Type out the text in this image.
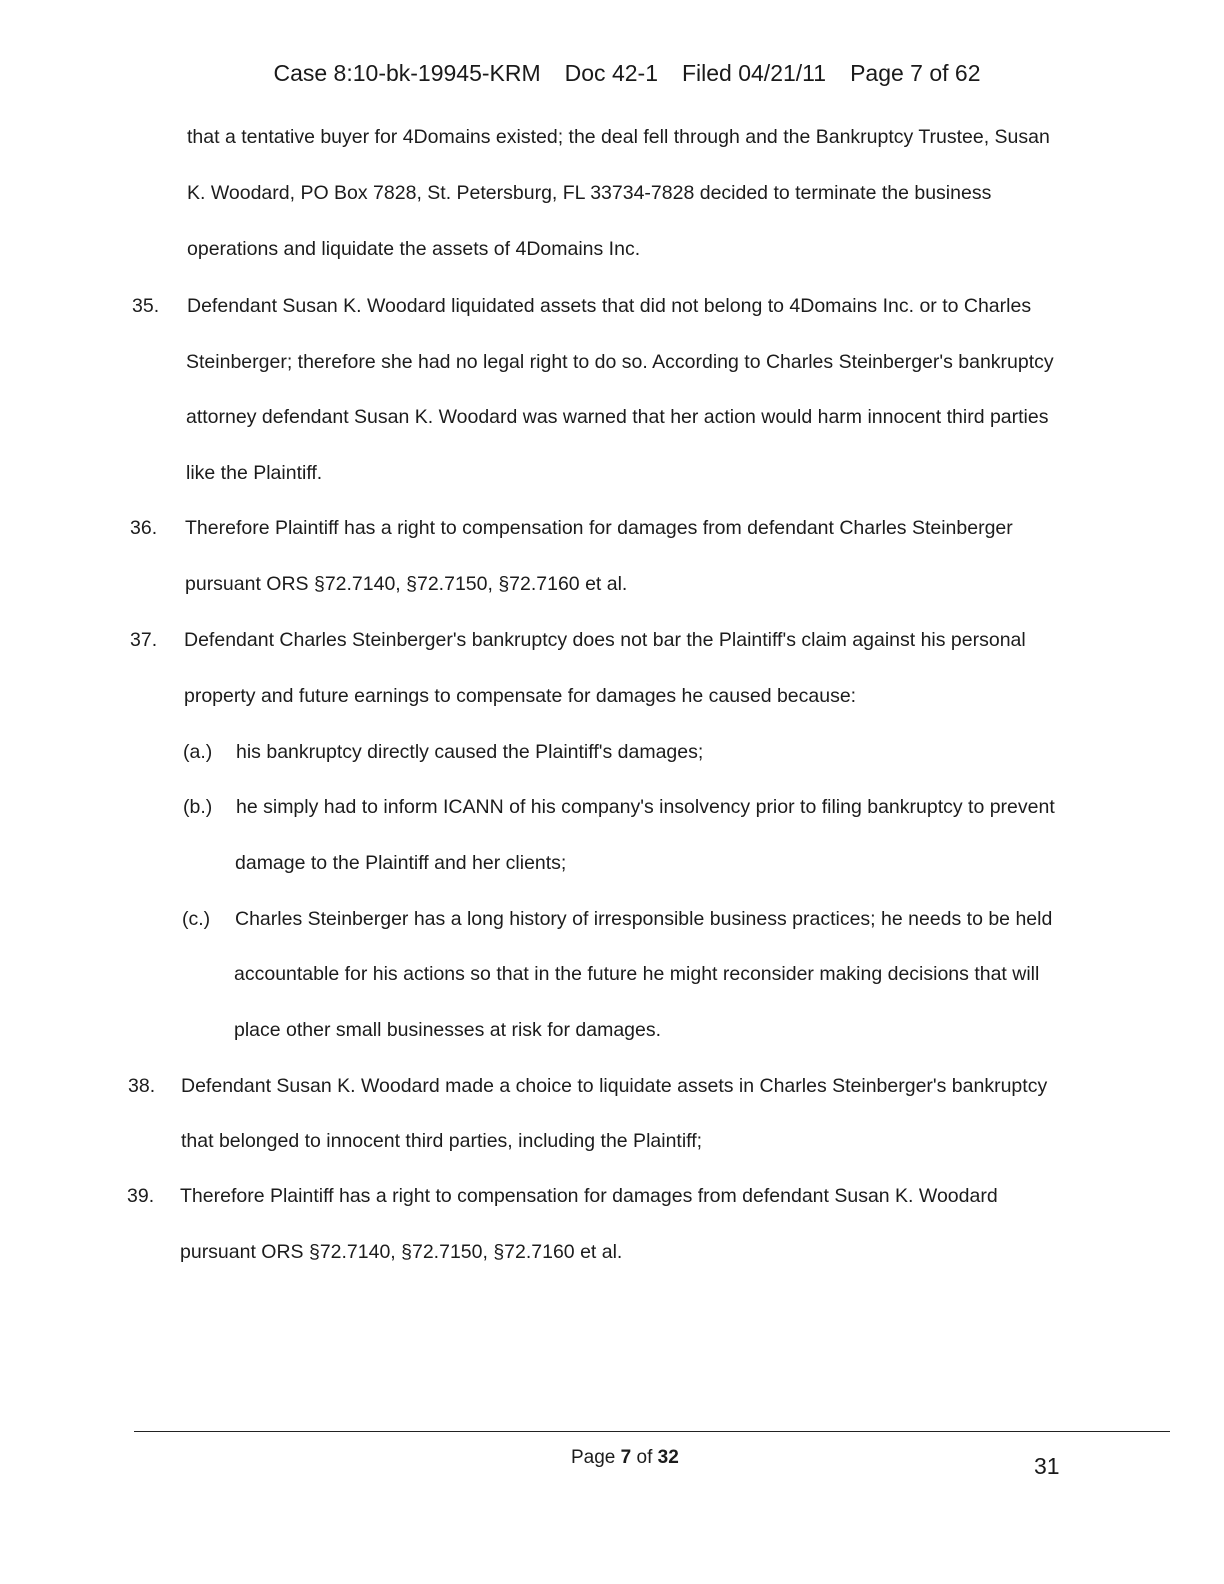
Case 8:10-bk-19945-KRM Doc 42-1 Filed 04/21/11 Page 7 of 62
that a tentative buyer for 4Domains existed; the deal fell through and the Bankruptcy Trustee, Susan
K. Woodard, PO Box 7828, St. Petersburg, FL 33734-7828 decided to terminate the business
operations and liquidate the assets of 4Domains Inc.
35. Defendant Susan K. Woodard liquidated assets that did not belong to 4Domains Inc. or to Charles
Steinberger; therefore she had no legal right to do so. According to Charles Steinberger's bankruptcy
attorney defendant Susan K. Woodard was warned that her action would harm innocent third parties
like the Plaintiff.
36. Therefore Plaintiff has a right to compensation for damages from defendant Charles Steinberger
pursuant ORS §72.7140, §72.7150, §72.7160 et al.
37. Defendant Charles Steinberger's bankruptcy does not bar the Plaintiff's claim against his personal
property and future earnings to compensate for damages he caused because:
(a.) his bankruptcy directly caused the Plaintiff's damages;
(b.) he simply had to inform ICANN of his company's insolvency prior to filing bankruptcy to prevent
damage to the Plaintiff and her clients;
(c.) Charles Steinberger has a long history of irresponsible business practices; he needs to be held
accountable for his actions so that in the future he might reconsider making decisions that will
place other small businesses at risk for damages.
38. Defendant Susan K. Woodard made a choice to liquidate assets in Charles Steinberger's bankruptcy
that belonged to innocent third parties, including the Plaintiff;
39. Therefore Plaintiff has a right to compensation for damages from defendant Susan K. Woodard
pursuant ORS §72.7140, §72.7150, §72.7160 et al.
Page 7 of 32	31
